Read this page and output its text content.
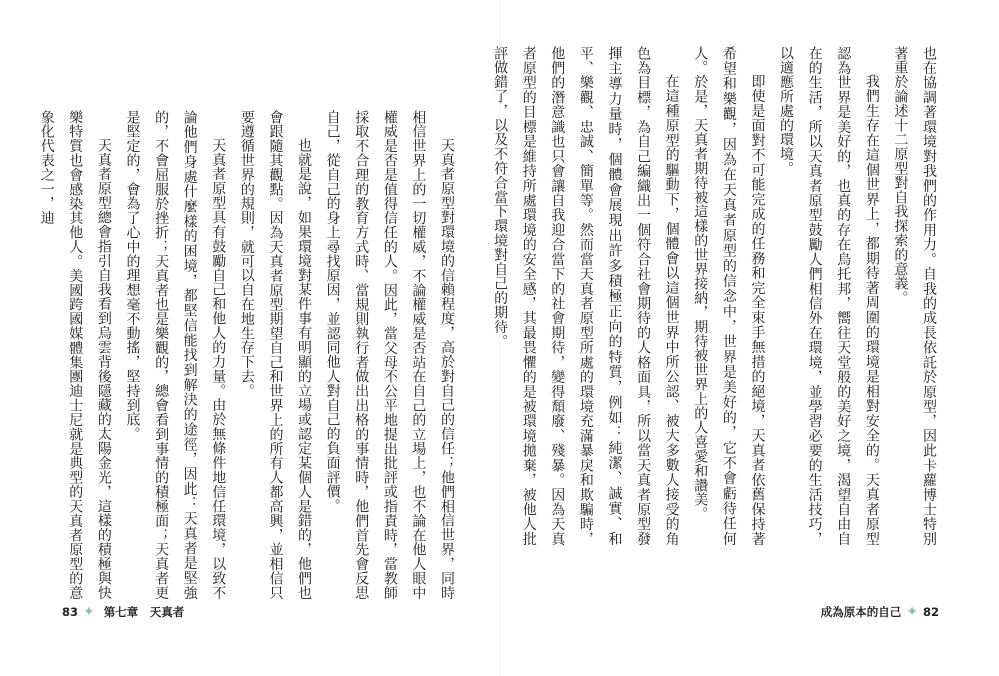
天真者原型對環境的信賴程度，高於對自己的信任；他們相信世界，同時相信世界上的一切權威，不論權威是否站在自己的立場上，也不論在他人眼中權威是否是值得信任的人。因此，當父母不公平地提出批評或指責時，當教師採取不合理的教育方式時、當規則執行者做出出格的事情時，他們首先會反思自己，從自己的身上尋找原因，並認同他人對自己的負面評價。

也就是說，如果環境對某件事有明顯的立場或認定某個人是錯的，他們也會跟隨其觀點。因為天真者原型期望自己和世界上的所有人都高興，並相信只要遵循世界的規則，就可以自在地生存下去。

天真者原型具有鼓勵自己和他人的力量。由於無條件地信任環境，以致不論他們身處什麼樣的困境，都堅信能找到解決的途徑，因此：天真者是堅強的，不會屈服於挫折；天真者也是樂觀的，總會看到事情的積極面；天真者更是堅定的，會為了心中的理想毫不動搖，堅持到底。

天真者原型總會指引自我看到烏雲背後隱藏的太陽金光，這樣的積極與快樂特質也會感染其他人。美國跨國媒體集團迪士尼就是典型的天真者原型的意象化代表之一，迪

83 ✦ 第七章　天真者

也在協調著環境對我們的作用力。自我的成長依託於原型，因此卡蘿博士特別著重於論述十二原型對自我探索的意義。

我們生存在這個世界上，都期待著周圍的環境是相對安全的。天真者原型認為世界是美好的，也真的存在烏托邦，嚮往天堂般的美好之境，渴望自由自在的生活，所以天真者原型鼓勵人們相信外在環境，並學習必要的生活技巧，以適應所處的環境。

即使是面對不可能完成的任務和完全束手無措的絕境，天真者依舊保持著希望和樂觀，因為在天真者原型的信念中，世界是美好的，它不會虧待任何人。於是，天真者期待被這樣的世界接納，期待被世界上的人喜愛和讚美。

在這種原型的驅動下，個體會以這個世界中所公認、被大多數人接受的角色為目標，為自己編織出一個符合社會期待的人格面具，所以當天真者原型發揮主導力量時，個體會展現出許多積極正向的特質，例如：純潔、誠實、和平、樂觀、忠誠、簡單等。然而當天真者原型所處的環境充滿暴戾和欺騙時，他們的潛意識也只會讓自我迎合當下的社會期待，變得頹廢、殘暴。因為天真者原型的目標是維持所處環境的安全感，其最畏懼的是被環境拋棄，被他人批評做錯了，以及不符合當下環境對自己的期待。

成為原本的自己 ✦ 82
